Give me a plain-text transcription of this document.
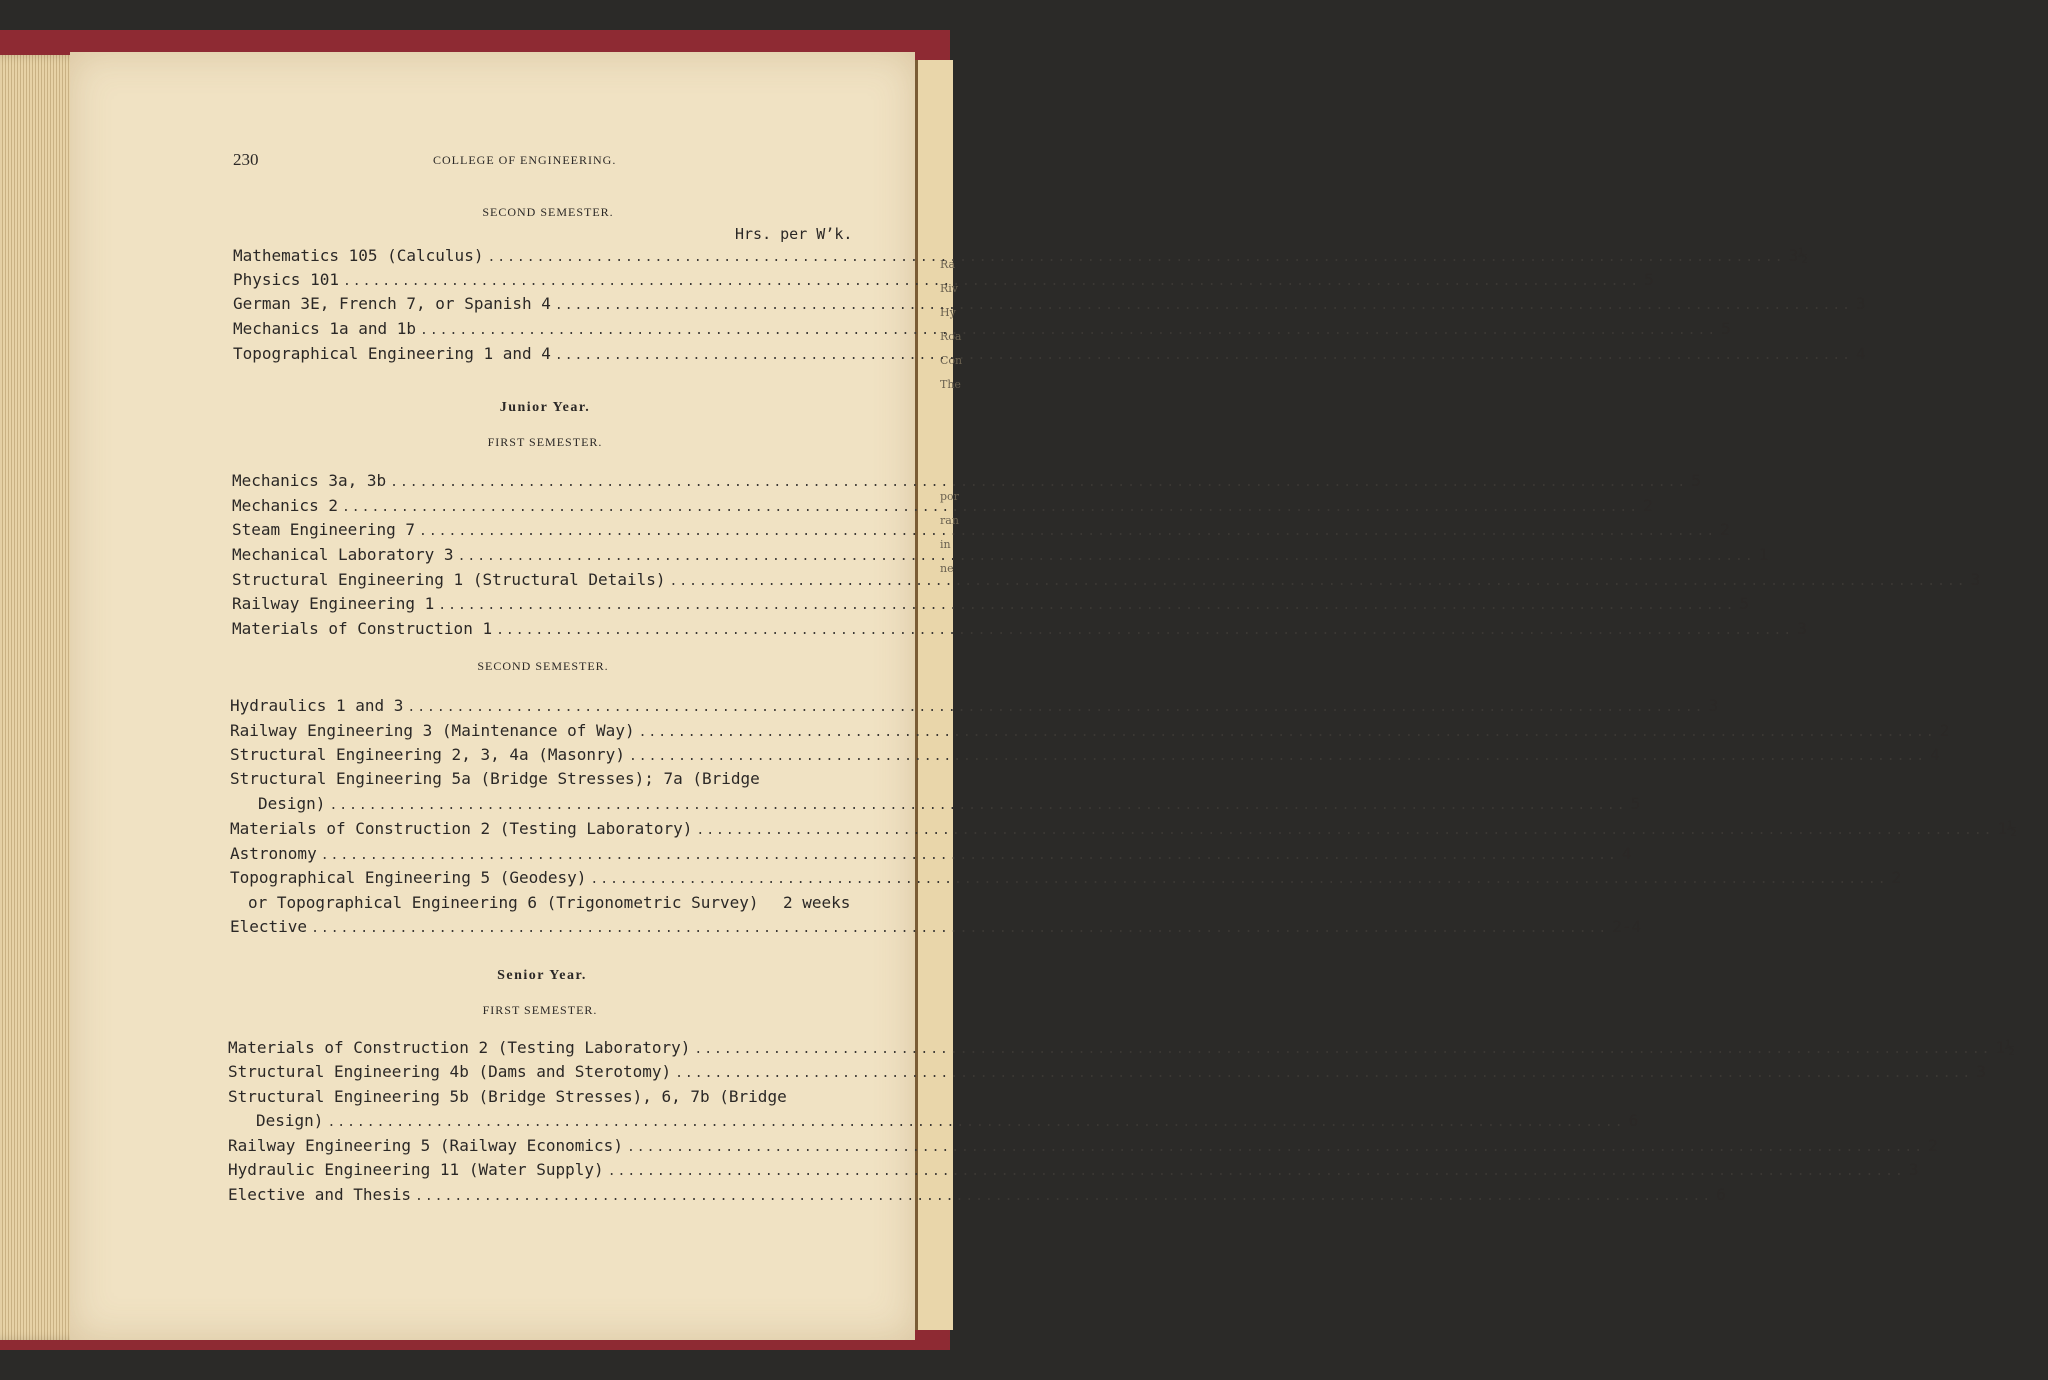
Ra
Riv
Hy
Roa
Con
The
por
ran
in
ne
230	COLLEGE OF ENGINEERING.
SECOND SEMESTER.
Hrs. per W’k.
Mathematics 105 (Calculus) .....	3½
Physics 101 .....	5
German 3E, French 7, or Spanish 4 .....	3
Mechanics 1a and 1b .....	5
Topographical Engineering 1 and 4 .....	4
Junior Year.
FIRST SEMESTER.
Mechanics 3a, 3b .....	5
Mechanics 2 .....	2
Steam Engineering 7 .....	2
Mechanical Laboratory 3 .....	1
Structural Engineering 1 (Structural Details) .....	3
Railway Engineering 1 .....	5
Materials of Construction 1 .....	3
SECOND SEMESTER.
Hydraulics 1 and 3 .....	3
Railway Engineering 3 (Maintenance of Way) .....	2
Structural Engineering 2, 3, 4a (Masonry) .....	4
Structural Engineering 5a (Bridge Stresses); 7a (Bridge
Design) .....	5
Materials of Construction 2 (Testing Laboratory) .....	1½
Astronomy .....	4
Topographical Engineering 5 (Geodesy) .....	2
or Topographical Engineering 6 (Trigonometric Survey) 2 weeks
Elective .....	2-4
Senior Year.
FIRST SEMESTER.
Materials of Construction 2 (Testing Laboratory) .....	1½
Structural Engineering 4b (Dams and Sterotomy) .....	3
Structural Engineering 5b (Bridge Stresses), 6, 7b (Bridge
Design) .....	6
Railway Engineering 5 (Railway Economics) .....	2
Hydraulic Engineering 11 (Water Supply) .....	3
Elective and Thesis .....	6
